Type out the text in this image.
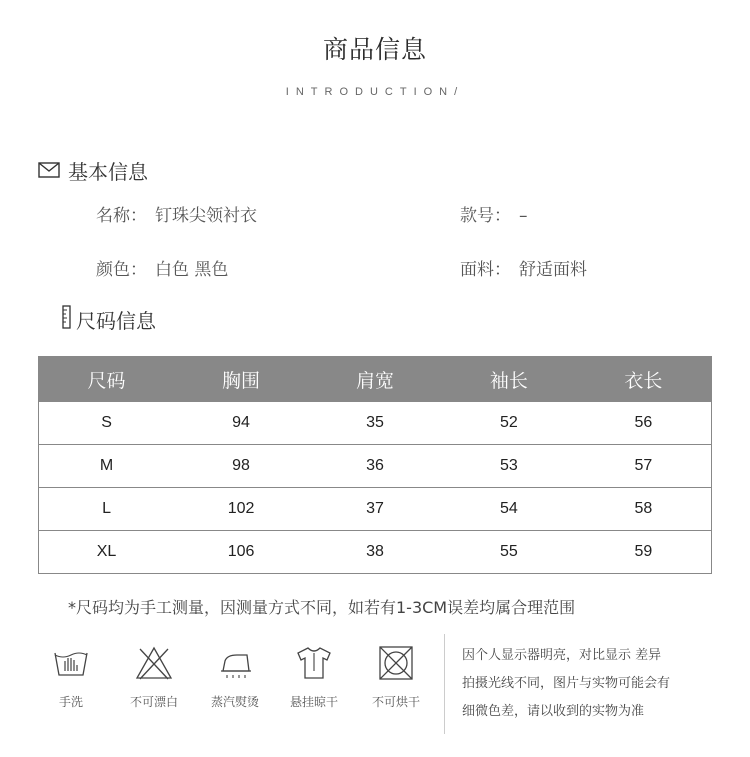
商品信息
INTRODUCTION/
基本信息
名称： 钉珠尖领衬衣	款号： –
颜色： 白色 黑色	面料： 舒适面料
尺码信息
尺码	胸围	肩宽	袖长	衣长
S	94	35	52	56
M	98	36	53	57
L	102	37	54	58
XL	106	38	55	59
*尺码均为手工测量，因测量方式不同，如若有1-3CM误差均属合理范围
手洗	不可漂白	蒸汽熨烫	悬挂晾干	不可烘干
因个人显示器明亮，对比显示 差异
拍摄光线不同，图片与实物可能会有
细微色差，请以收到的实物为准
